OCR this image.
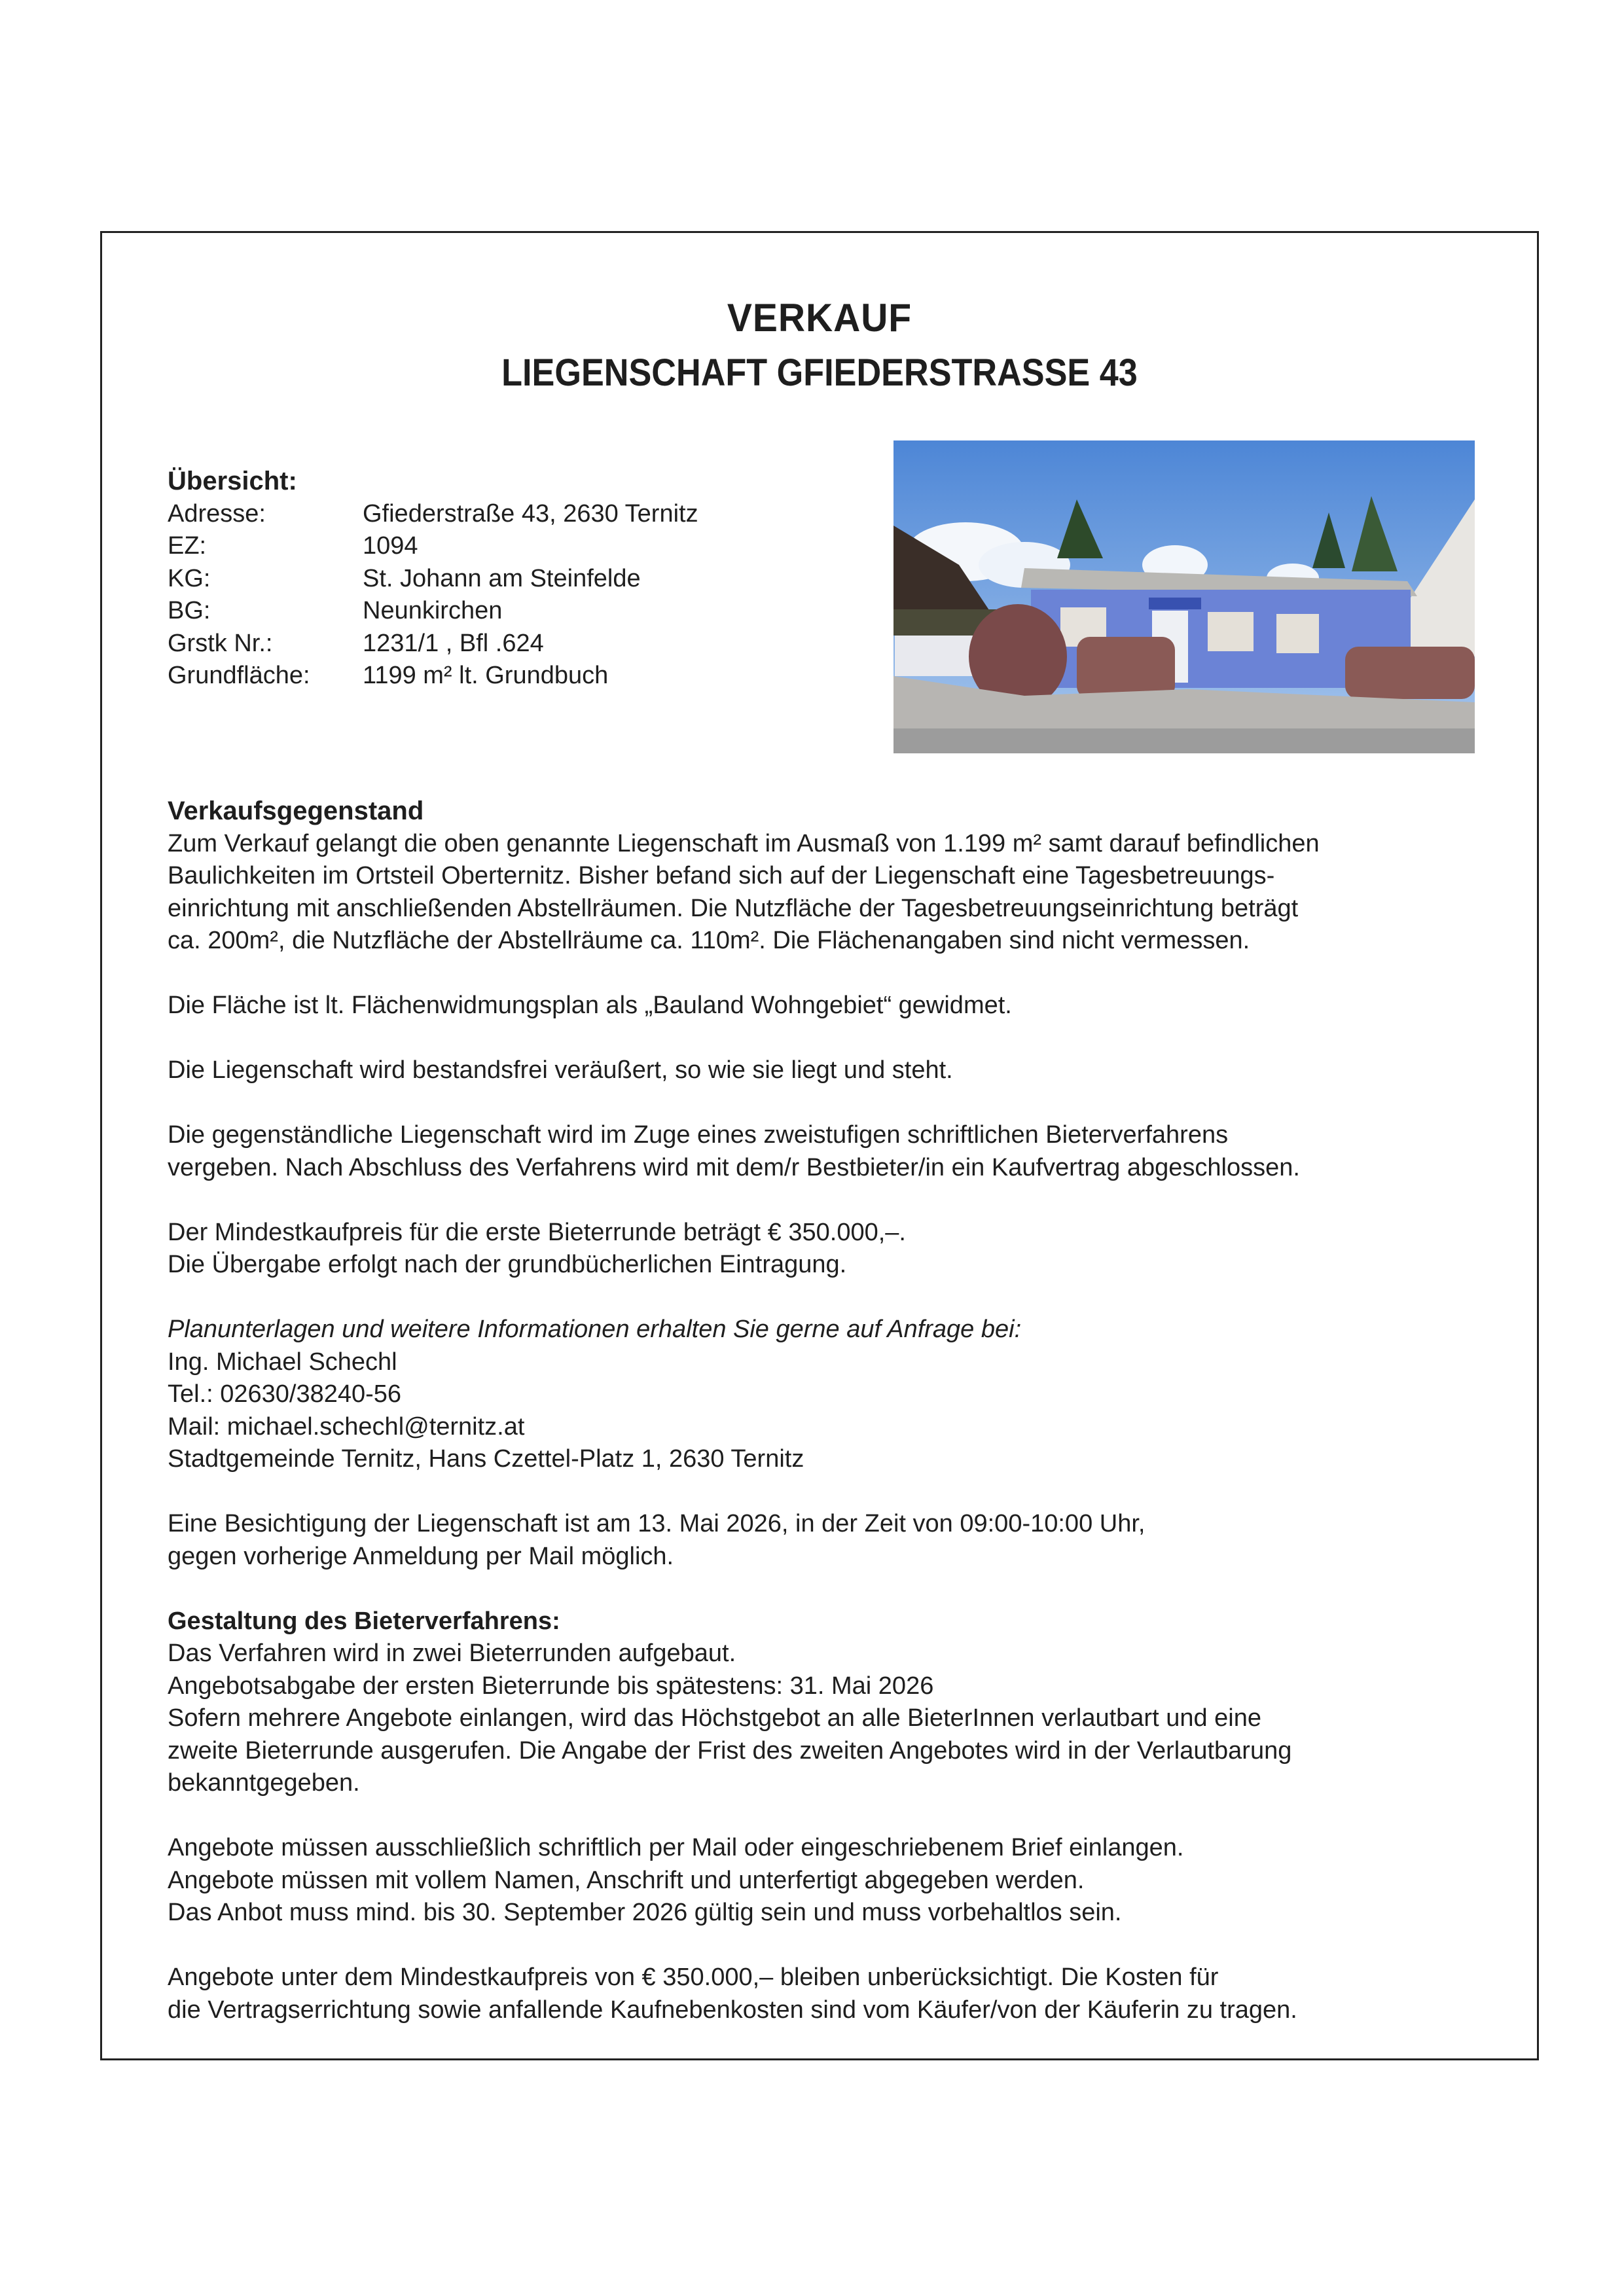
VERKAUF
LIEGENSCHAFT GFIEDERSTRASSE 43

Übersicht:

Adresse:	Gfiederstraße 43, 2630 Ternitz
EZ:	1094
KG:	St. Johann am Steinfelde
BG:	Neunkirchen
Grstk Nr.:	1231/1 , Bfl .624
Grundfläche:	1199 m² lt. Grundbuch

Verkaufsgegenstand

Zum Verkauf gelangt die oben genannte Liegenschaft im Ausmaß von 1.199 m² samt darauf befindlichen

Baulichkeiten im Ortsteil Oberternitz. Bisher befand sich auf der Liegenschaft eine Tagesbetreuungs-

einrichtung mit anschließenden Abstellräumen. Die Nutzfläche der Tagesbetreuungseinrichtung beträgt

ca. 200m², die Nutzfläche der Abstellräume ca. 110m². Die Flächenangaben sind nicht vermessen.

Die Fläche ist lt. Flächenwidmungsplan als „Bauland Wohngebiet“ gewidmet.

Die Liegenschaft wird bestandsfrei veräußert, so wie sie liegt und steht.

Die gegenständliche Liegenschaft wird im Zuge eines zweistufigen schriftlichen Bieterverfahrens

vergeben. Nach Abschluss des Verfahrens wird mit dem/r Bestbieter/in ein Kaufvertrag abgeschlossen.

Der Mindestkaufpreis für die erste Bieterrunde beträgt € 350.000,–.

Die Übergabe erfolgt nach der grundbücherlichen Eintragung.

Planunterlagen und weitere Informationen erhalten Sie gerne auf Anfrage bei:

Ing. Michael Schechl

Tel.: 02630/38240-56

Mail: michael.schechl@ternitz.at

Stadtgemeinde Ternitz, Hans Czettel-Platz 1, 2630 Ternitz

Eine Besichtigung der Liegenschaft ist am 13. Mai 2026, in der Zeit von 09:00-10:00 Uhr,

gegen vorherige Anmeldung per Mail möglich.

Gestaltung des Bieterverfahrens:

Das Verfahren wird in zwei Bieterrunden aufgebaut.

Angebotsabgabe der ersten Bieterrunde bis spätestens: 31. Mai 2026

Sofern mehrere Angebote einlangen, wird das Höchstgebot an alle BieterInnen verlautbart und eine

zweite Bieterrunde ausgerufen. Die Angabe der Frist des zweiten Angebotes wird in der Verlautbarung

bekanntgegeben.

Angebote müssen ausschließlich schriftlich per Mail oder eingeschriebenem Brief einlangen.

Angebote müssen mit vollem Namen, Anschrift und unterfertigt abgegeben werden.

Das Anbot muss mind. bis 30. September 2026 gültig sein und muss vorbehaltlos sein.

Angebote unter dem Mindestkaufpreis von € 350.000,– bleiben unberücksichtigt. Die Kosten für

die Vertragserrichtung sowie anfallende Kaufnebenkosten sind vom Käufer/von der Käuferin zu tragen.
